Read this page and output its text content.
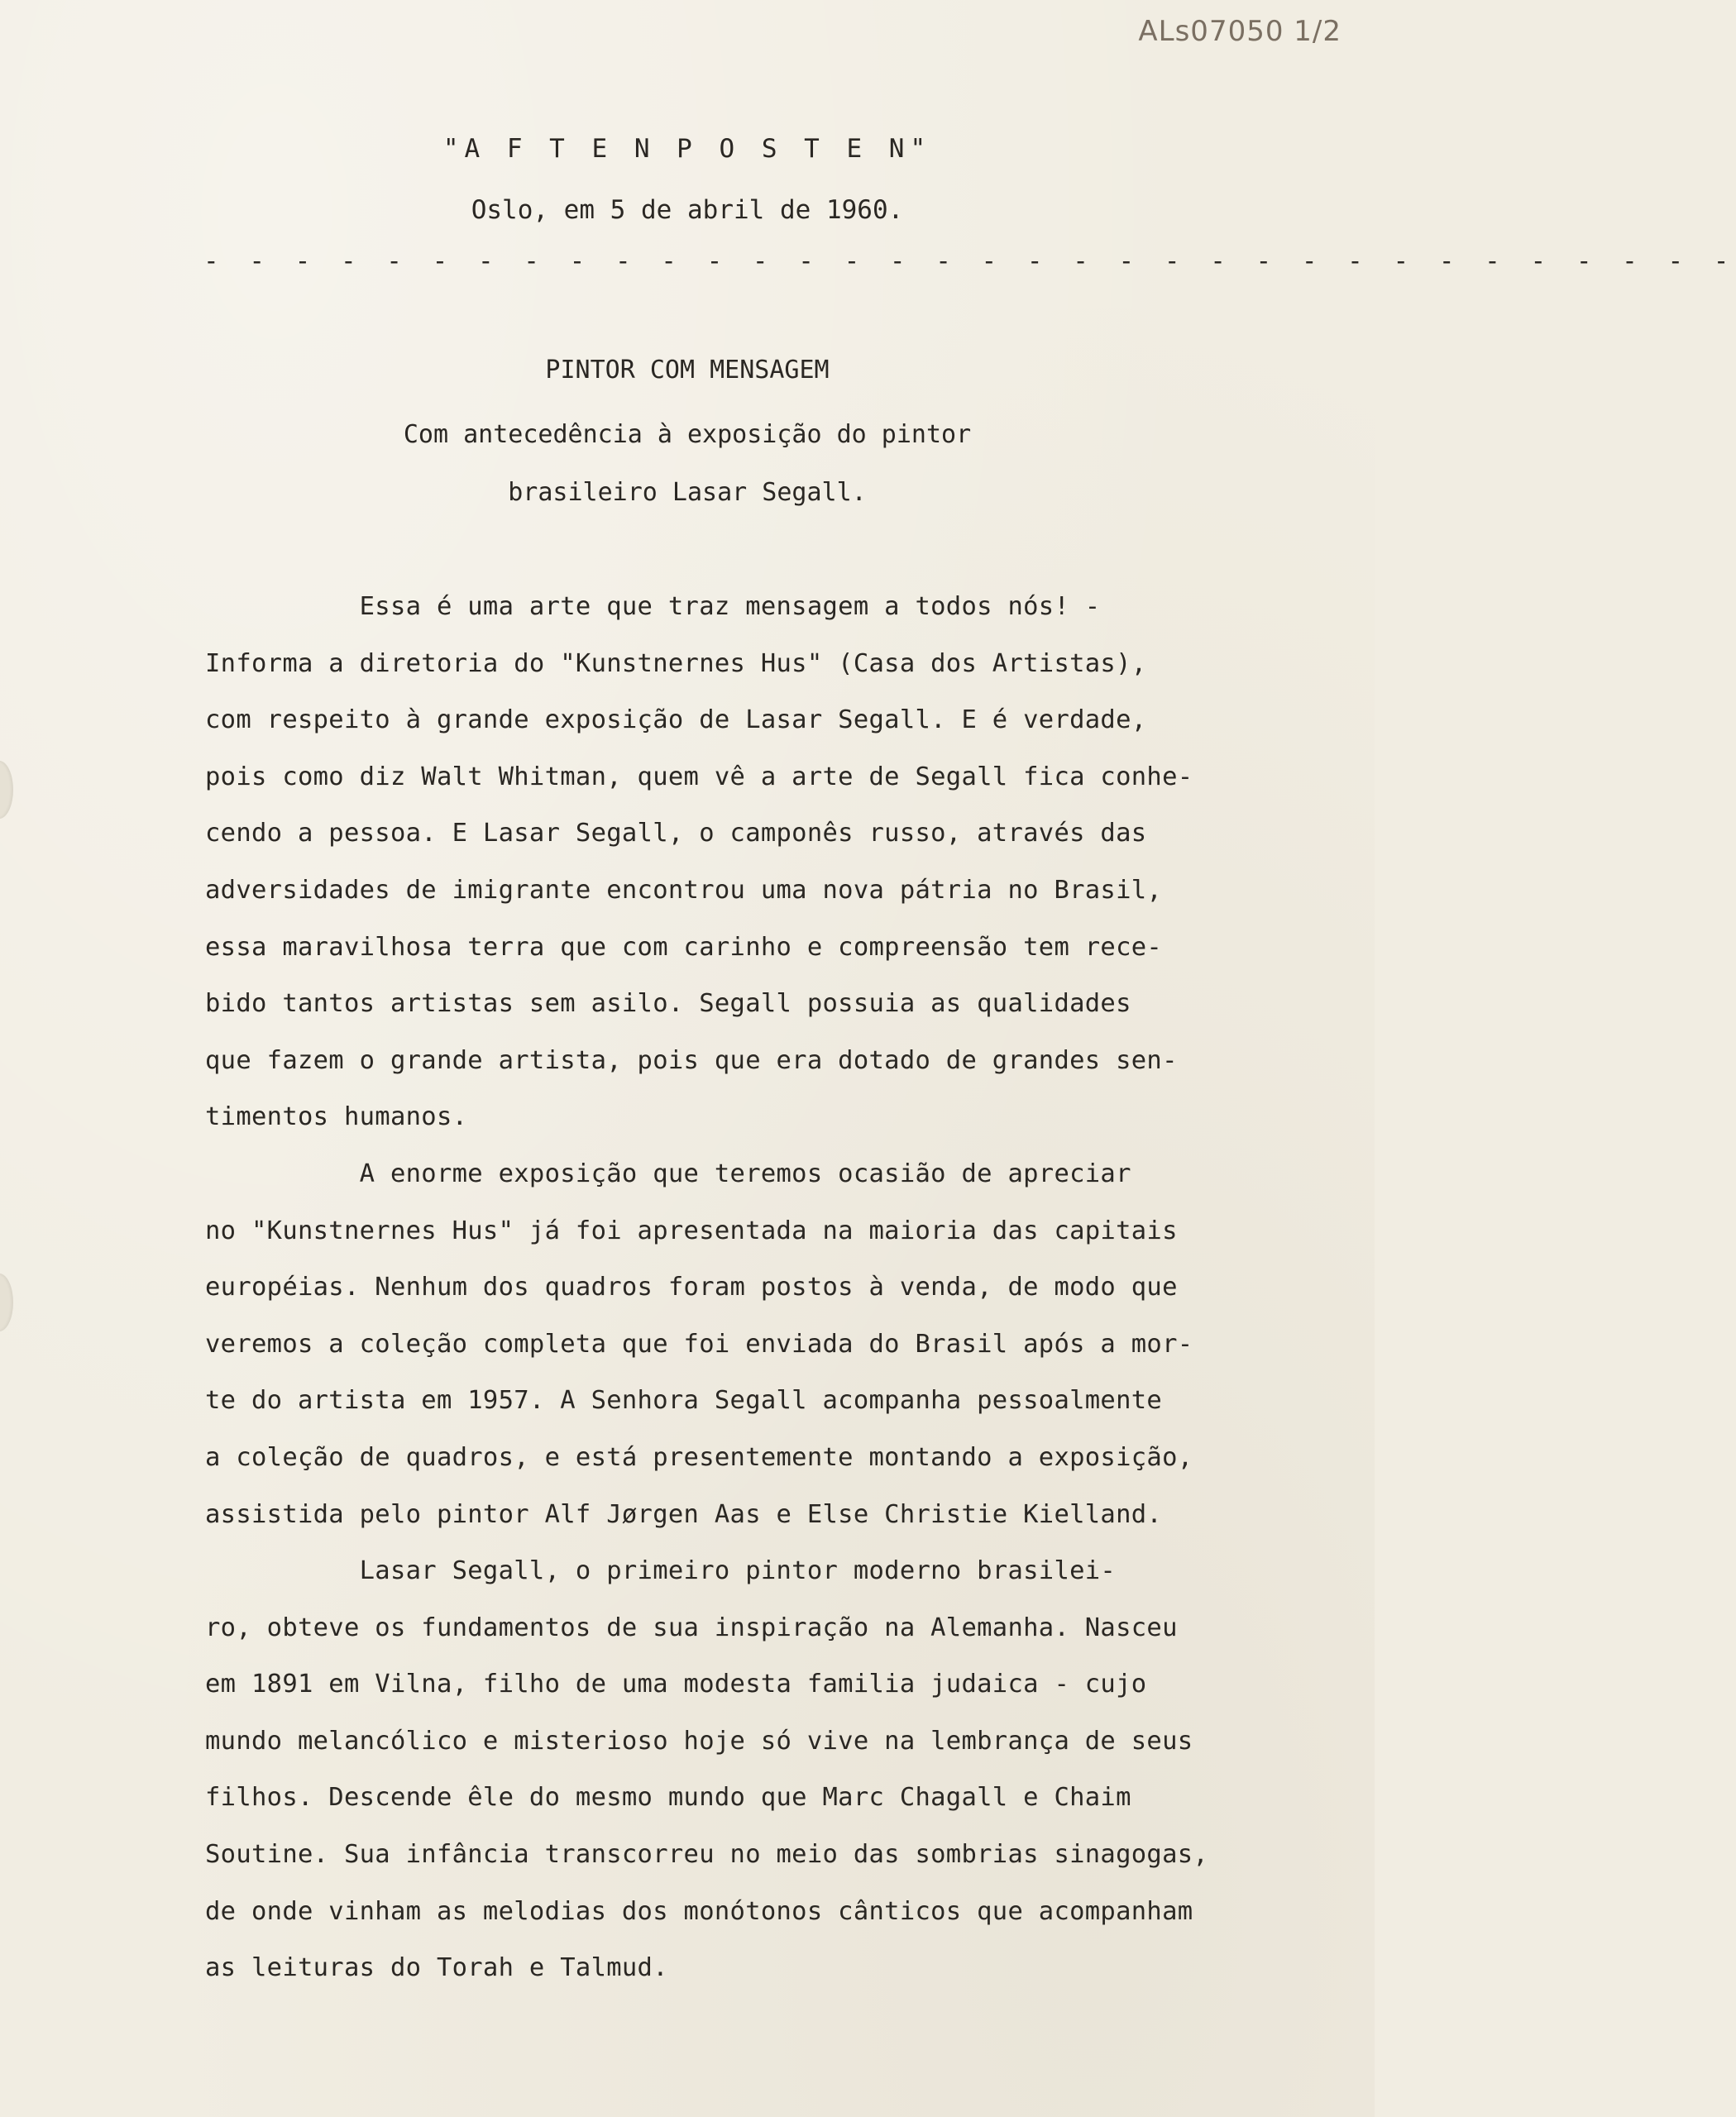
ALs07050 1/2
"A F T E N P O S T E N"
Oslo, em 5 de abril de 1960.
- - - - - - - - - - - - - - - - - - - - - - - - - - - - - - - - - -
PINTOR COM MENSAGEM
Com antecedência à exposição do pintor
brasileiro Lasar Segall.
Essa é uma arte que traz mensagem a todos nós! -
Informa a diretoria do "Kunstnernes Hus" (Casa dos Artistas),
com respeito à grande exposição de Lasar Segall. E é verdade,
pois como diz Walt Whitman, quem vê a arte de Segall fica conhe-
cendo a pessoa. E Lasar Segall, o camponês russo, através das
adversidades de imigrante encontrou uma nova pátria no Brasil,
essa maravilhosa terra que com carinho e compreensão tem rece-
bido tantos artistas sem asilo. Segall possuia as qualidades
que fazem o grande artista, pois que era dotado de grandes sen-
timentos humanos.
A enorme exposição que teremos ocasião de apreciar
no "Kunstnernes Hus" já foi apresentada na maioria das capitais
européias. Nenhum dos quadros foram postos à venda, de modo que
veremos a coleção completa que foi enviada do Brasil após a mor-
te do artista em 1957. A Senhora Segall acompanha pessoalmente
a coleção de quadros, e está presentemente montando a exposição,
assistida pelo pintor Alf Jørgen Aas e Else Christie Kielland.
Lasar Segall, o primeiro pintor moderno brasilei-
ro, obteve os fundamentos de sua inspiração na Alemanha. Nasceu
em 1891 em Vilna, filho de uma modesta familia judaica - cujo
mundo melancólico e misterioso hoje só vive na lembrança de seus
filhos. Descende êle do mesmo mundo que Marc Chagall e Chaim
Soutine. Sua infância transcorreu no meio das sombrias sinagogas,
de onde vinham as melodias dos monótonos cânticos que acompanham
as leituras do Torah e Talmud.
